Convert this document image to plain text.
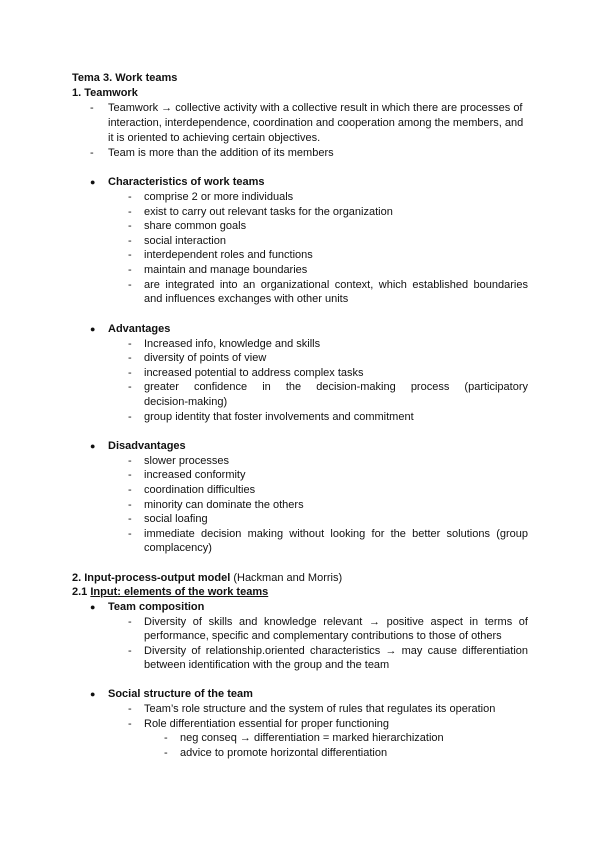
Tema 3. Work teams
1. Teamwork
- Teamwork → collective activity with a collective result in which there are processes of
interaction, interdependence, coordination and cooperation among the members, and
it is oriented to achieving certain objectives.
- Team is more than the addition of its members
● Characteristics of work teams
- comprise 2 or more individuals
- exist to carry out relevant tasks for the organization
- share common goals
- social interaction
- interdependent roles and functions
- maintain and manage boundaries
- are integrated into an organizational context, which established boundaries
and influences exchanges with other units
● Advantages
- Increased info, knowledge and skills
- diversity of points of view
- increased potential to address complex tasks
- greater confidence in the decision-making process (participatory
decision-making)
- group identity that foster involvements and commitment
● Disadvantages
- slower processes
- increased conformity
- coordination difficulties
- minority can dominate the others
- social loafing
- immediate decision making without looking for the better solutions (group
complacency)
2. Input-process-output model (Hackman and Morris)
2.1 Input: elements of the work teams
● Team composition
- Diversity of skills and knowledge relevant → positive aspect in terms of
performance, specific and complementary contributions to those of others
- Diversity of relationship.oriented characteristics → may cause differentiation
between identification with the group and the team
● Social structure of the team
- Team’s role structure and the system of rules that regulates its operation
- Role differentiation essential for proper functioning
- neg conseq → differentiation = marked hierarchization
- advice to promote horizontal differentiation
